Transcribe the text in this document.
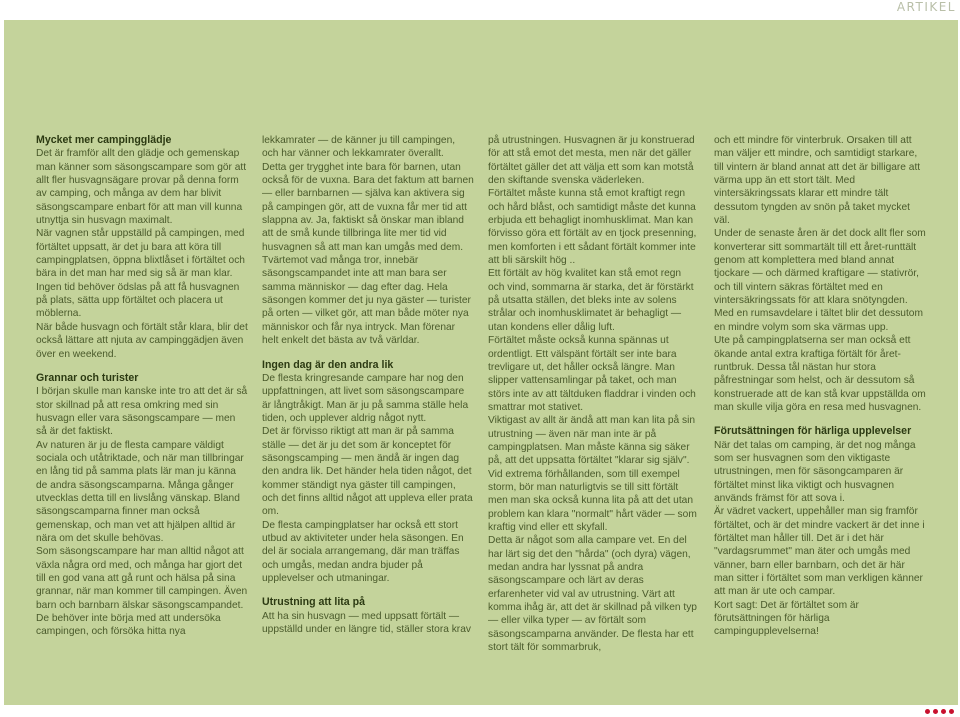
ARTIKEL
Mycket mer campingglädje

Det är framför allt den glädje och gemenskap man känner som säsongscampare som gör att allt fler husvagnsägare provar på denna form av camping, och många av dem har blivit säsongscampare enbart för att man vill kunna utnyttja sin husvagn maximalt.

När vagnen står uppställd på campingen, med förtältet uppsatt, är det ju bara att köra till campingplatsen, öppna blixtlåset i förtältet och bära in det man har med sig så är man klar. Ingen tid behöver ödslas på att få husvagnen på plats, sätta upp förtältet och placera ut möblerna.

När både husvagn och förtält står klara, blir det också lättare att njuta av campinggädjen även över en weekend.

Grannar och turister

I början skulle man kanske inte tro att det är så stor skillnad på att resa omkring med sin husvagn eller vara säsongscampare — men så är det faktiskt.

Av naturen är ju de flesta campare väldigt sociala och utåtriktade, och när man tillbringar en lång tid på samma plats lär man ju känna de andra säsongscamparna. Många gånger utvecklas detta till en livslång vänskap. Bland säsongscamparna finner man också gemenskap, och man vet att hjälpen alltid är nära om det skulle behövas.

Som säsongscampare har man alltid något att växla några ord med, och många har gjort det till en god vana att gå runt och hälsa på sina grannar, när man kommer till campingen. Även barn och barnbarn älskar säsongscampandet. De behöver inte börja med att undersöka campingen, och försöka hitta nya

lekkamrater — de känner ju till campingen, och har vänner och lekkamrater överallt.

Detta ger trygghet inte bara för barnen, utan också för de vuxna. Bara det faktum att barnen — eller barnbarnen — själva kan aktivera sig på campingen gör, att de vuxna får mer tid att slappna av. Ja, faktiskt så önskar man ibland att de små kunde tillbringa lite mer tid vid husvagnen så att man kan umgås med dem. Tvärtemot vad många tror, innebär säsongscampandet inte att man bara ser samma människor — dag efter dag. Hela säsongen kommer det ju nya gäster — turister på orten — vilket gör, att man både möter nya människor och får nya intryck. Man förenar helt enkelt det bästa av två världar.

Ingen dag är den andra lik

De flesta kringresande campare har nog den uppfattningen, att livet som säsongscampare är långtråkigt. Man är ju på samma ställe hela tiden, och upplever aldrig något nytt.

Det är förvisso riktigt att man är på samma ställe — det är ju det som är konceptet för säsongscamping — men ändå är ingen dag den andra lik. Det händer hela tiden något, det kommer ständigt nya gäster till campingen, och det finns alltid något att uppleva eller prata om.

De flesta campingplatser har också ett stort utbud av aktiviteter under hela säsongen. En del är sociala arrangemang, där man träffas och umgås, medan andra bjuder på upplevelser och utmaningar.

Utrustning att lita på

Att ha sin husvagn — med uppsatt förtält — uppställd under en längre tid, ställer stora krav

på utrustningen. Husvagnen är ju konstruerad för att stå emot det mesta, men när det gäller förtältet gäller det att välja ett som kan motstå den skiftande svenska väderleken.

Förtältet måste kunna stå emot kraftigt regn och hård blåst, och samtidigt måste det kunna erbjuda ett behagligt inomhusklimat. Man kan förvisso göra ett förtält av en tjock presenning, men komforten i ett sådant förtält kommer inte att bli särskilt hög ..

Ett förtält av hög kvalitet kan stå emot regn och vind, sommarna är starka, det är förstärkt på utsatta ställen, det bleks inte av solens strålar och inomhusklimatet är behagligt — utan kondens eller dålig luft.

Förtältet måste också kunna spännas ut ordentligt. Ett välspänt förtält ser inte bara trevligare ut, det håller också längre. Man slipper vattensamlingar på taket, och man störs inte av att tältduken fladdrar i vinden och smattrar mot stativet.

Viktigast av allt är ändå att man kan lita på sin utrustning — även när man inte är på campingplatsen. Man måste känna sig säker på, att det uppsatta förtältet "klarar sig själv".

Vid extrema förhållanden, som till exempel storm, bör man naturligtvis se till sitt förtält men man ska också kunna lita på att det utan problem kan klara "normalt" hårt väder — som kraftig vind eller ett skyfall.

Detta är något som alla campare vet. En del har lärt sig det den "hårda" (och dyra) vägen, medan andra har lyssnat på andra säsongscampare och lärt av deras erfarenheter vid val av utrustning. Värt att komma ihåg är, att det är skillnad på vilken typ — eller vilka typer — av förtält som säsongscamparna använder. De flesta har ett stort tält för sommarbruk,

och ett mindre för vinterbruk. Orsaken till att man väljer ett mindre, och samtidigt starkare, till vintern är bland annat att det är billigare att värma upp än ett stort tält. Med vintersäkringssats klarar ett mindre tält dessutom tyngden av snön på taket mycket väl.

Under de senaste åren är det dock allt fler som konverterar sitt sommartält till ett året-runttält genom att komplettera med bland annat tjockare — och därmed kraftigare — stativrör, och till vintern säkras förtältet med en vintersäkringssats för att klara snötyngden. Med en rumsavdelare i tältet blir det dessutom en mindre volym som ska värmas upp.

Ute på campingplatserna ser man också ett ökande antal extra kraftiga förtält för året-runtbruk. Dessa tål nästan hur stora påfrestningar som helst, och är dessutom så konstruerade att de kan stå kvar uppställda om man skulle vilja göra en resa med husvagnen.

Förutsättningen för härliga upplevelser

När det talas om camping, är det nog många som ser husvagnen som den viktigaste utrustningen, men för säsongcamparen är förtältet minst lika viktigt och husvagnen används främst för att sova i.

Är vädret vackert, uppehåller man sig framför förtältet, och är det mindre vackert är det inne i förtältet man håller till. Det är i det här "vardagsrummet" man äter och umgås med vänner, barn eller barnbarn, och det är här man sitter i förtältet som man verkligen känner att man är ute och campar.

Kort sagt: Det är förtältet som är förutsättningen för härliga campingupplevelserna!
